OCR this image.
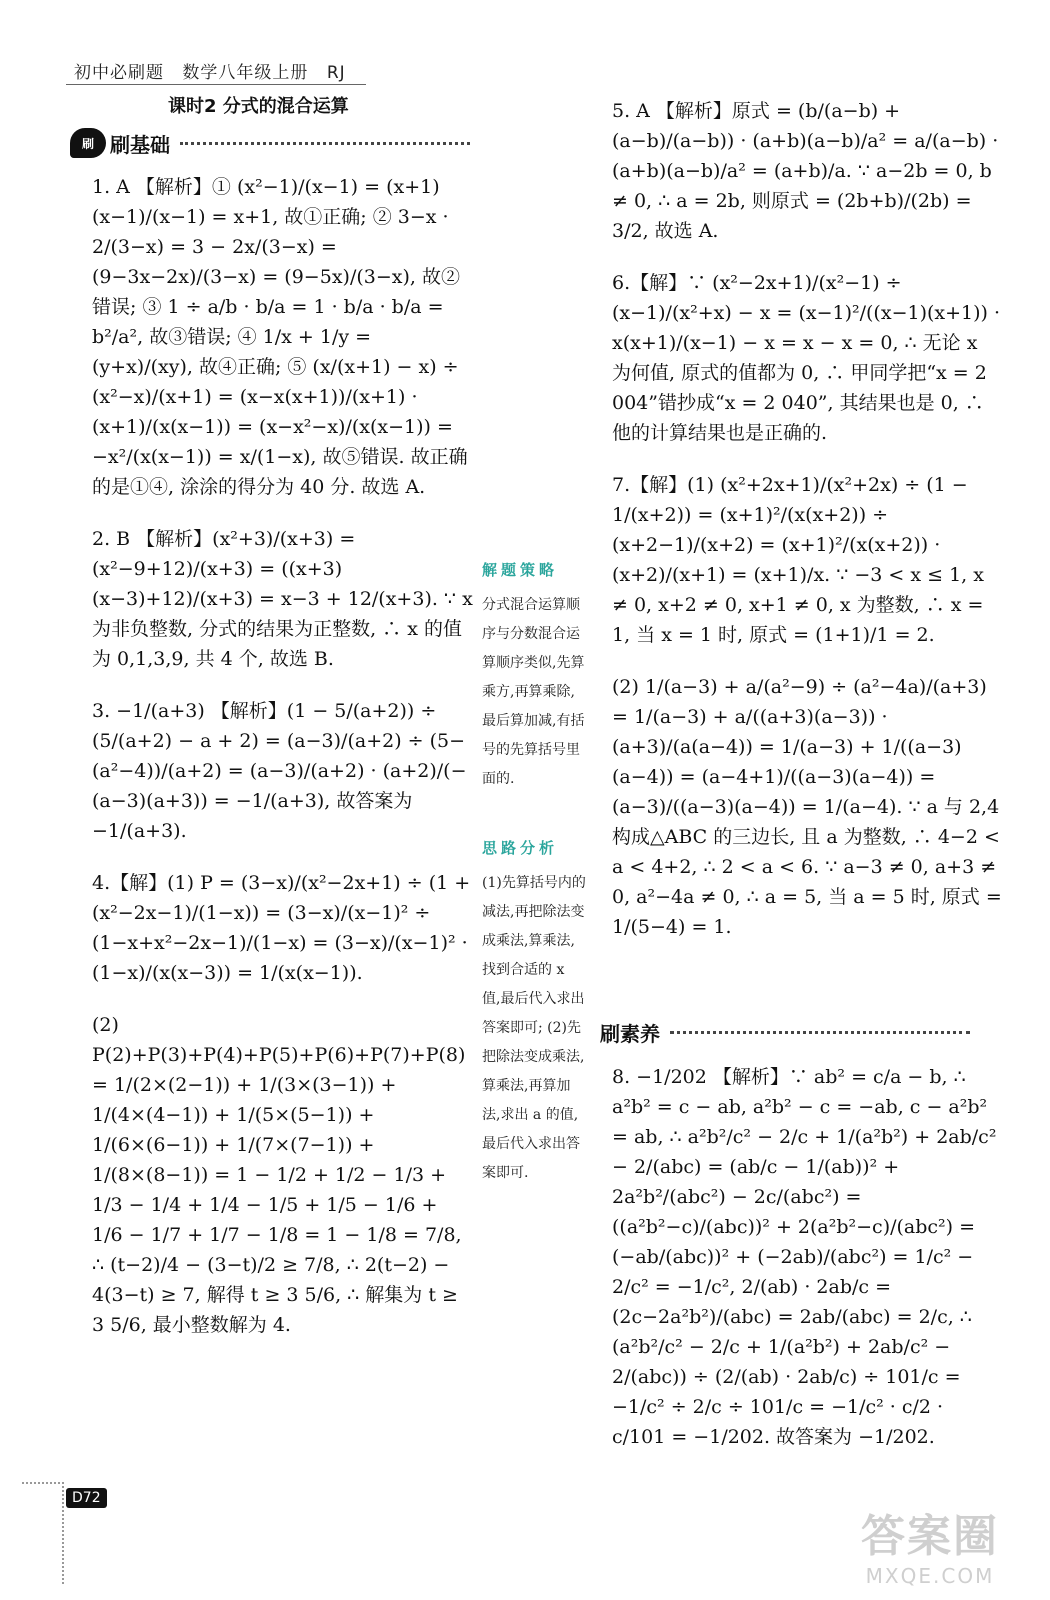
初中必刷题 数学八年级上册 RJ
课时2 分式的混合运算
刷 刷基础

1. A 【解析】① (x²−1)/(x−1) = (x+1)(x−1)/(x−1) = x+1, 故①正确; ② 3−x · 2/(3−x) = 3 − 2x/(3−x) = (9−3x−2x)/(3−x) = (9−5x)/(3−x), 故②错误; ③ 1 ÷ a/b · b/a = 1 · b/a · b/a = b²/a², 故③错误; ④ 1/x + 1/y = (y+x)/(xy), 故④正确; ⑤ (x/(x+1) − x) ÷ (x²−x)/(x+1) = (x−x(x+1))/(x+1) · (x+1)/(x(x−1)) = (x−x²−x)/(x(x−1)) = −x²/(x(x−1)) = x/(1−x), 故⑤错误. 故正确的是①④, 涂涂的得分为 40 分. 故选 A.

2. B 【解析】(x²+3)/(x+3) = (x²−9+12)/(x+3) = ((x+3)(x−3)+12)/(x+3) = x−3 + 12/(x+3). ∵ x 为非负整数, 分式的结果为正整数, ∴ x 的值为 0,1,3,9, 共 4 个, 故选 B.

3. −1/(a+3) 【解析】(1 − 5/(a+2)) ÷ (5/(a+2) − a + 2) = (a−3)/(a+2) ÷ (5−(a²−4))/(a+2) = (a−3)/(a+2) · (a+2)/(−(a−3)(a+3)) = −1/(a+3), 故答案为 −1/(a+3).

4.【解】(1) P = (3−x)/(x²−2x+1) ÷ (1 + (x²−2x−1)/(1−x)) = (3−x)/(x−1)² ÷ (1−x+x²−2x−1)/(1−x) = (3−x)/(x−1)² · (1−x)/(x(x−3)) = 1/(x(x−1)).

(2) P(2)+P(3)+P(4)+P(5)+P(6)+P(7)+P(8) = 1/(2×(2−1)) + 1/(3×(3−1)) + 1/(4×(4−1)) + 1/(5×(5−1)) + 1/(6×(6−1)) + 1/(7×(7−1)) + 1/(8×(8−1)) = 1 − 1/2 + 1/2 − 1/3 + 1/3 − 1/4 + 1/4 − 1/5 + 1/5 − 1/6 + 1/6 − 1/7 + 1/7 − 1/8 = 1 − 1/8 = 7/8, ∴ (t−2)/4 − (3−t)/2 ≥ 7/8, ∴ 2(t−2) − 4(3−t) ≥ 7, 解得 t ≥ 3 5/6, ∴ 解集为 t ≥ 3 5/6, 最小整数解为 4.

解题策略
分式混合运算顺序与分数混合运算顺序类似,先算乘方,再算乘除,最后算加减,有括号的先算括号里面的.
思路分析
(1)先算括号内的减法,再把除法变成乘法,算乘法,找到合适的 x 值,最后代入求出答案即可; (2)先把除法变成乘法,算乘法,再算加法,求出 a 的值,最后代入求出答案即可.

5. A 【解析】原式 = (b/(a−b) + (a−b)/(a−b)) · (a+b)(a−b)/a² = a/(a−b) · (a+b)(a−b)/a² = (a+b)/a. ∵ a−2b = 0, b ≠ 0, ∴ a = 2b, 则原式 = (2b+b)/(2b) = 3/2, 故选 A.

6.【解】∵ (x²−2x+1)/(x²−1) ÷ (x−1)/(x²+x) − x = (x−1)²/((x−1)(x+1)) · x(x+1)/(x−1) − x = x − x = 0, ∴ 无论 x 为何值, 原式的值都为 0, ∴ 甲同学把“x = 2 004”错抄成“x = 2 040”, 其结果也是 0, ∴ 他的计算结果也是正确的.

7.【解】(1) (x²+2x+1)/(x²+2x) ÷ (1 − 1/(x+2)) = (x+1)²/(x(x+2)) ÷ (x+2−1)/(x+2) = (x+1)²/(x(x+2)) · (x+2)/(x+1) = (x+1)/x. ∵ −3 < x ≤ 1, x ≠ 0, x+2 ≠ 0, x+1 ≠ 0, x 为整数, ∴ x = 1, 当 x = 1 时, 原式 = (1+1)/1 = 2.

(2) 1/(a−3) + a/(a²−9) ÷ (a²−4a)/(a+3) = 1/(a−3) + a/((a+3)(a−3)) · (a+3)/(a(a−4)) = 1/(a−3) + 1/((a−3)(a−4)) = (a−4+1)/((a−3)(a−4)) = (a−3)/((a−3)(a−4)) = 1/(a−4). ∵ a 与 2,4 构成△ABC 的三边长, 且 a 为整数, ∴ 4−2 < a < 4+2, ∴ 2 < a < 6. ∵ a−3 ≠ 0, a+3 ≠ 0, a²−4a ≠ 0, ∴ a = 5, 当 a = 5 时, 原式 = 1/(5−4) = 1.

刷素养

8. −1/202 【解析】∵ ab² = c/a − b, ∴ a²b² = c − ab, a²b² − c = −ab, c − a²b² = ab, ∴ a²b²/c² − 2/c + 1/(a²b²) + 2ab/c² − 2/(abc) = (ab/c − 1/(ab))² + 2a²b²/(abc²) − 2c/(abc²) = ((a²b²−c)/(abc))² + 2(a²b²−c)/(abc²) = (−ab/(abc))² + (−2ab)/(abc²) = 1/c² − 2/c² = −1/c², 2/(ab) · 2ab/c = (2c−2a²b²)/(abc) = 2ab/(abc) = 2/c, ∴ (a²b²/c² − 2/c + 1/(a²b²) + 2ab/c² − 2/(abc)) ÷ (2/(ab) · 2ab/c) ÷ 101/c = −1/c² ÷ 2/c ÷ 101/c = −1/c² · c/2 · c/101 = −1/202. 故答案为 −1/202.

D72
答案圈
MXQE.COM
